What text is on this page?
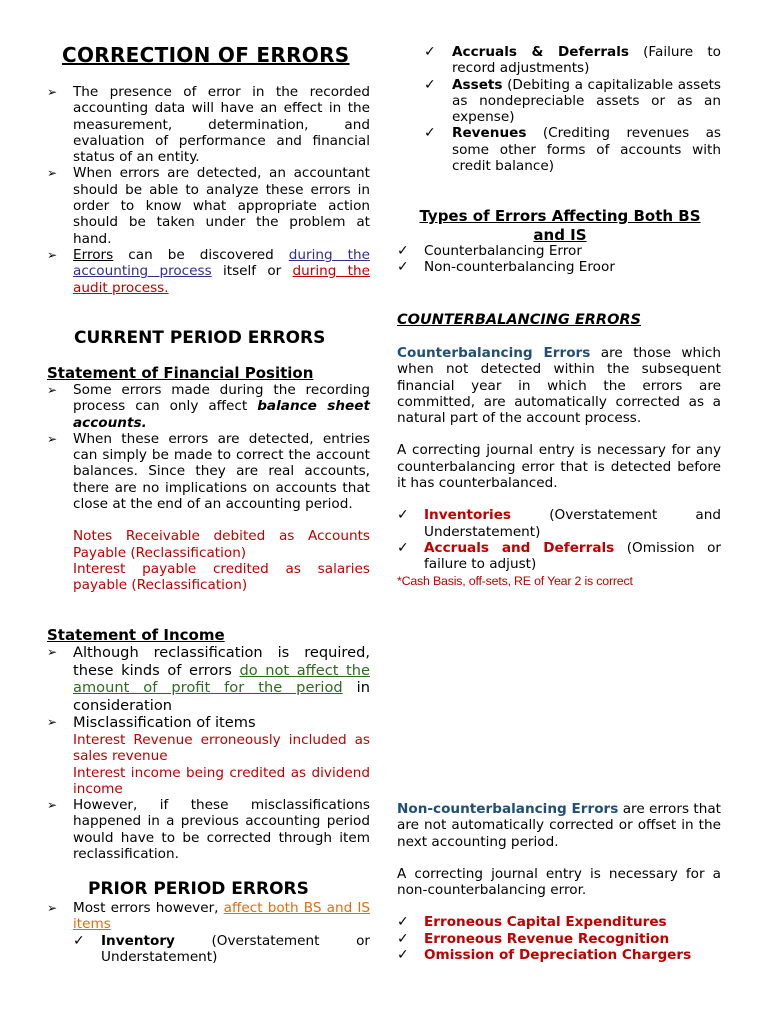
CORRECTION OF ERRORS
➢ The presence of error in the recorded accounting data will have an effect in the measurement, determination, and evaluation of performance and financial status of an entity.
➢ When errors are detected, an accountant should be able to analyze these errors in order to know what appropriate action should be taken under the problem at hand.
➢ Errors can be discovered during the accounting process itself or during the audit process.
CURRENT PERIOD ERRORS
Statement of Financial Position
➢ Some errors made during the recording process can only affect balance sheet accounts.
➢ When these errors are detected, entries can simply be made to correct the account balances. Since they are real accounts, there are no implications on accounts that close at the end of an accounting period.
Notes Receivable debited as Accounts Payable (Reclassification)
Interest payable credited as salaries payable (Reclassification)
Statement of Income
➢ Although reclassification is required, these kinds of errors do not affect the amount of profit for the period in consideration
➢ Misclassification of items
Interest Revenue erroneously included as sales revenue
Interest income being credited as dividend income
➢ However, if these misclassifications happened in a previous accounting period would have to be corrected through item reclassification.
PRIOR PERIOD ERRORS
➢ Most errors however, affect both BS and IS items
✓ Inventory (Overstatement or Understatement)
✓ Accruals & Deferrals (Failure to record adjustments)
✓ Assets (Debiting a capitalizable assets as nondepreciable assets or as an expense)
✓ Revenues (Crediting revenues as some other forms of accounts with credit balance)
Types of Errors Affecting Both BS and IS
✓ Counterbalancing Error
✓ Non-counterbalancing Eroor
COUNTERBALANCING ERRORS

Counterbalancing Errors are those which when not detected within the subsequent financial year in which the errors are committed, are automatically corrected as a natural part of the account process.

A correcting journal entry is necessary for any counterbalancing error that is detected before it has counterbalanced.

✓ Inventories (Overstatement and Understatement)
✓ Accruals and Deferrals (Omission or failure to adjust)
*Cash Basis, off-sets, RE of Year 2 is correct

Non-counterbalancing Errors are errors that are not automatically corrected or offset in the next accounting period.

A correcting journal entry is necessary for a non-counterbalancing error.

✓ Erroneous Capital Expenditures
✓ Erroneous Revenue Recognition
✓ Omission of Depreciation Chargers
